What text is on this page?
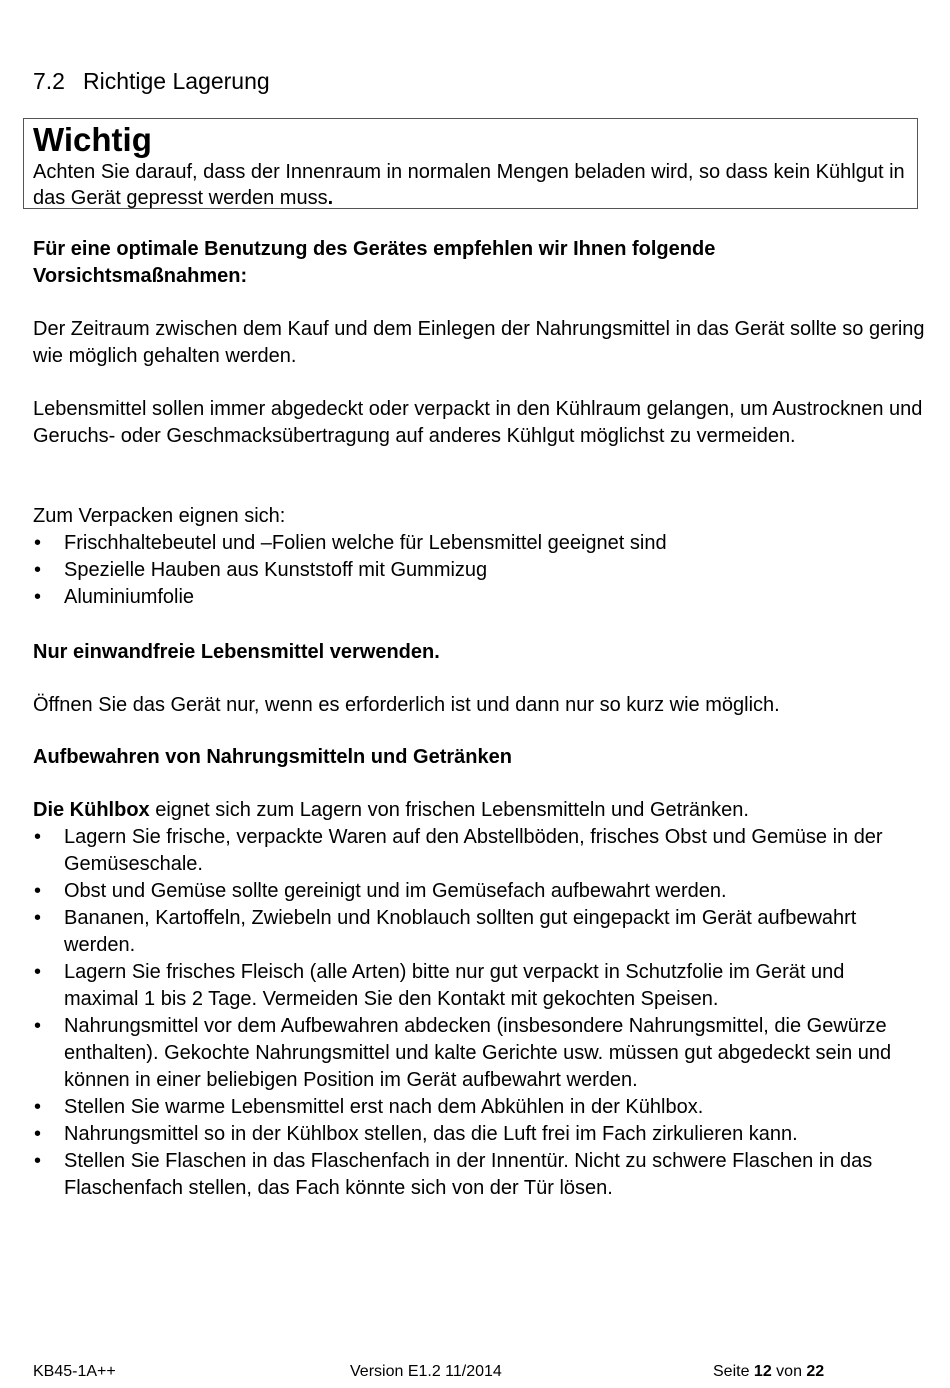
7.2 Richtige Lagerung
Wichtig

Achten Sie darauf, dass der Innenraum in normalen Mengen beladen wird, so dass kein Kühlgut in das Gerät gepresst werden muss.

Für eine optimale Benutzung des Gerätes empfehlen wir Ihnen folgende Vorsichtsmaßnahmen:

Der Zeitraum zwischen dem Kauf und dem Einlegen der Nahrungsmittel in das Gerät sollte so gering wie möglich gehalten werden.

Lebensmittel sollen immer abgedeckt oder verpackt in den Kühlraum gelangen, um Austrocknen und Geruchs- oder Geschmacksübertragung auf anderes Kühlgut möglichst zu vermeiden.

Zum Verpacken eignen sich:

• Frischhaltebeutel und –Folien welche für Lebensmittel geeignet sind
• Spezielle Hauben aus Kunststoff mit Gummizug
• Aluminiumfolie

Nur einwandfreie Lebensmittel verwenden.

Öffnen Sie das Gerät nur, wenn es erforderlich ist und dann nur so kurz wie möglich.

Aufbewahren von Nahrungsmitteln und Getränken

Die Kühlbox eignet sich zum Lagern von frischen Lebensmitteln und Getränken.

• Lagern Sie frische, verpackte Waren auf den Abstellböden, frisches Obst und Gemüse in der Gemüseschale.
• Obst und Gemüse sollte gereinigt und im Gemüsefach aufbewahrt werden.
• Bananen, Kartoffeln, Zwiebeln und Knoblauch sollten gut eingepackt im Gerät aufbewahrt werden.
• Lagern Sie frisches Fleisch (alle Arten) bitte nur gut verpackt in Schutzfolie im Gerät und maximal 1 bis 2 Tage. Vermeiden Sie den Kontakt mit gekochten Speisen.
• Nahrungsmittel vor dem Aufbewahren abdecken (insbesondere Nahrungsmittel, die Gewürze enthalten). Gekochte Nahrungsmittel und kalte Gerichte usw. müssen gut abgedeckt sein und können in einer beliebigen Position im Gerät aufbewahrt werden.
• Stellen Sie warme Lebensmittel erst nach dem Abkühlen in der Kühlbox.
• Nahrungsmittel so in der Kühlbox stellen, das die Luft frei im Fach zirkulieren kann.
• Stellen Sie Flaschen in das Flaschenfach in der Innentür. Nicht zu schwere Flaschen in das Flaschenfach stellen, das Fach könnte sich von der Tür lösen.
KB45-1A++	Version E1.2 11/2014	Seite 12 von 22
